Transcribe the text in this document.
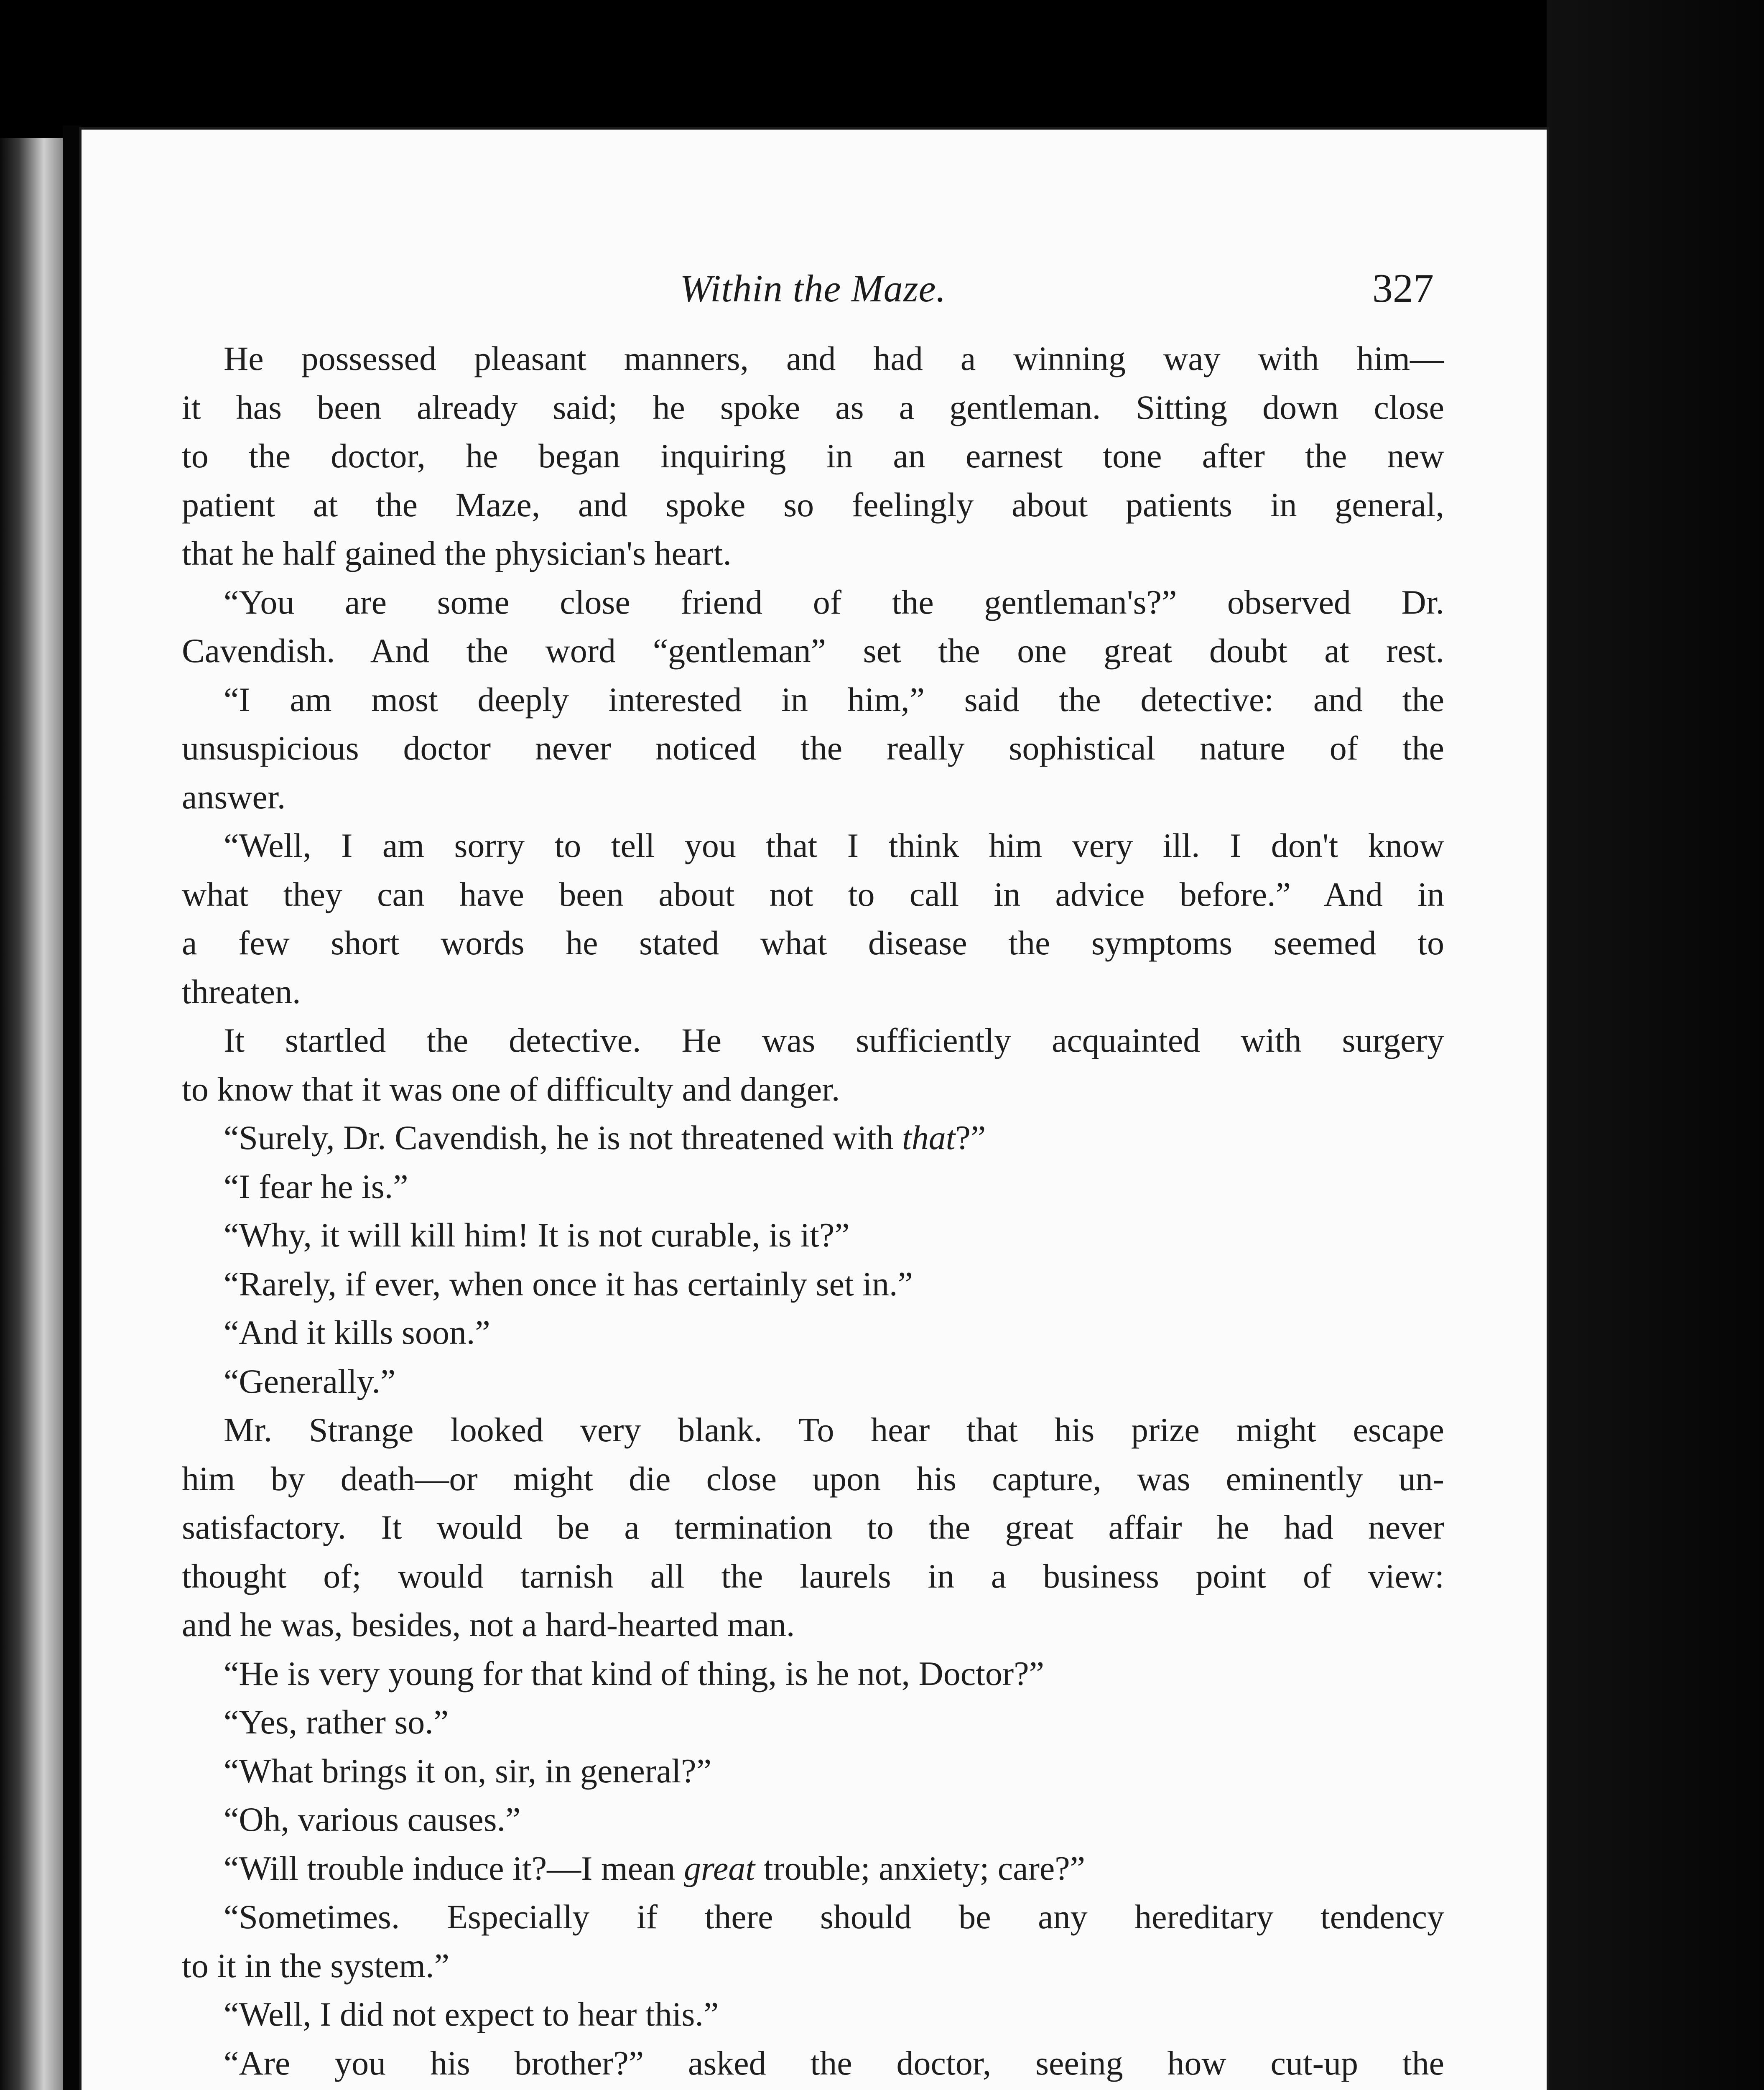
Within the Maze.	327
He possessed pleasant manners, and had a winning way with him—
it has been already said; he spoke as a gentleman. Sitting down close
to the doctor, he began inquiring in an earnest tone after the new
patient at the Maze, and spoke so feelingly about patients in general,
that he half gained the physician's heart.
“You are some close friend of the gentleman's?” observed Dr.
Cavendish. And the word “gentleman” set the one great doubt at rest.
“I am most deeply interested in him,” said the detective: and the
unsuspicious doctor never noticed the really sophistical nature of the
answer.
“Well, I am sorry to tell you that I think him very ill. I don't know
what they can have been about not to call in advice before.” And in
a few short words he stated what disease the symptoms seemed to
threaten.
It startled the detective. He was sufficiently acquainted with surgery
to know that it was one of difficulty and danger.
“Surely, Dr. Cavendish, he is not threatened with that?”
“I fear he is.”
“Why, it will kill him! It is not curable, is it?”
“Rarely, if ever, when once it has certainly set in.”
“And it kills soon.”
“Generally.”
Mr. Strange looked very blank. To hear that his prize might escape
him by death—or might die close upon his capture, was eminently un-
satisfactory. It would be a termination to the great affair he had never
thought of; would tarnish all the laurels in a business point of view:
and he was, besides, not a hard-hearted man.
“He is very young for that kind of thing, is he not, Doctor?”
“Yes, rather so.”
“What brings it on, sir, in general?”
“Oh, various causes.”
“Will trouble induce it?—I mean great trouble; anxiety; care?”
“Sometimes. Especially if there should be any hereditary tendency
to it in the system.”
“Well, I did not expect to hear this.”
“Are you his brother?” asked the doctor, seeing how cut-up the
